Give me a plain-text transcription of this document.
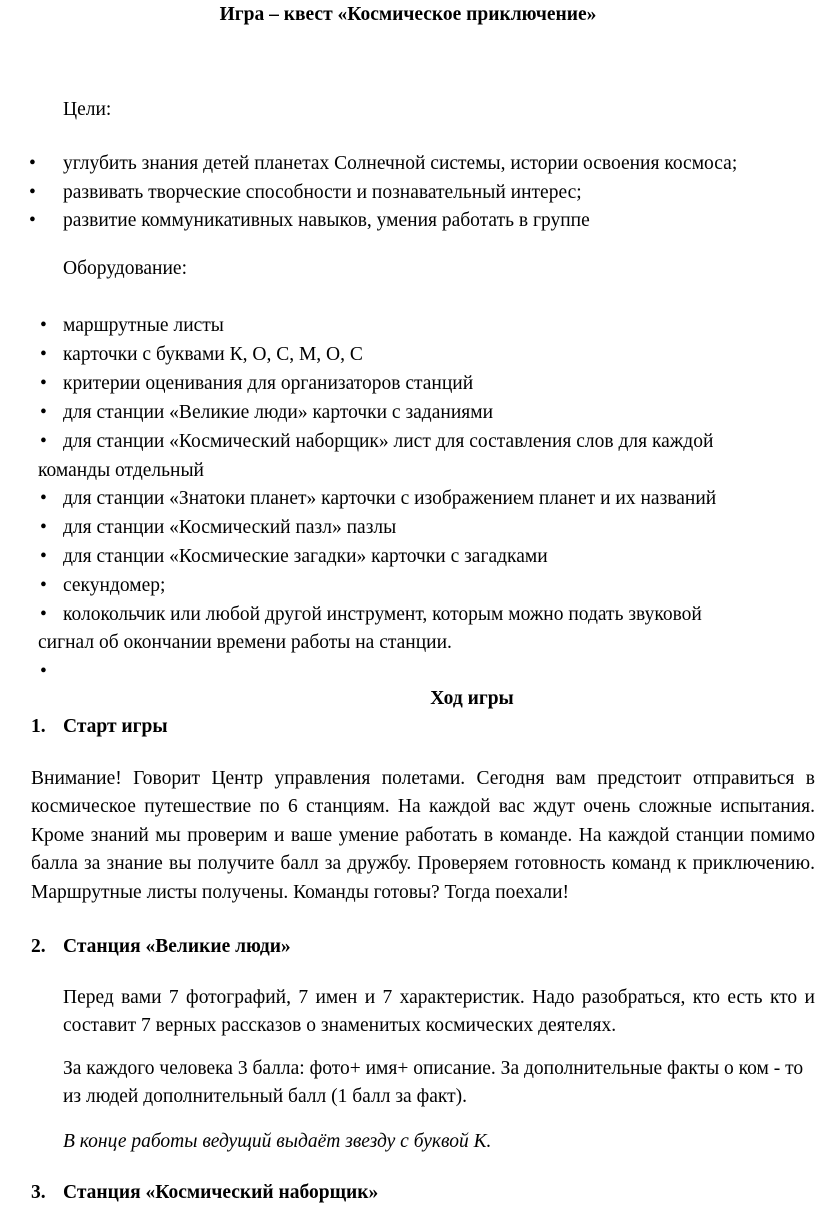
Игра – квест «Космическое приключение»
Цели:
• углубить знания детей планетах Солнечной системы, истории освоения космоса;
• развивать творческие способности и познавательный интерес;
• развитие коммуникативных навыков, умения работать в группе
Оборудование:
• маршрутные листы
• карточки с буквами К, О, С, М, О, С
• критерии оценивания для организаторов станций
• для станции «Великие люди» карточки с заданиями
• для станции «Космический наборщик» лист для составления слов для каждой
команды отдельный
• для станции «Знатоки планет» карточки с изображением планет и их названий
• для станции «Космический пазл» пазлы
• для станции «Космические загадки» карточки с загадками
• секундомер;
• колокольчик или любой другой инструмент, которым можно подать звуковой
сигнал об окончании времени работы на станции.
•
Ход игры
1. Старт игры
Внимание! Говорит Центр управления полетами. Сегодня вам предстоит отправиться в космическое путешествие по 6 станциям. На каждой вас ждут очень сложные испытания. Кроме знаний мы проверим и ваше умение работать в команде. На каждой станции помимо балла за знание вы получите балл за дружбу. Проверяем готовность команд к приключению. Маршрутные листы получены. Команды готовы? Тогда поехали!
2. Станция «Великие люди»
Перед вами 7 фотографий, 7 имен и 7 характеристик. Надо разобраться, кто есть кто и составит 7 верных рассказов о знаменитых космических деятелях.
За каждого человека 3 балла: фото+ имя+ описание. За дополнительные факты о ком - то из людей дополнительный балл (1 балл за факт).
В конце работы ведущий выдаёт звезду с буквой К.
3. Станция «Космический наборщик»
